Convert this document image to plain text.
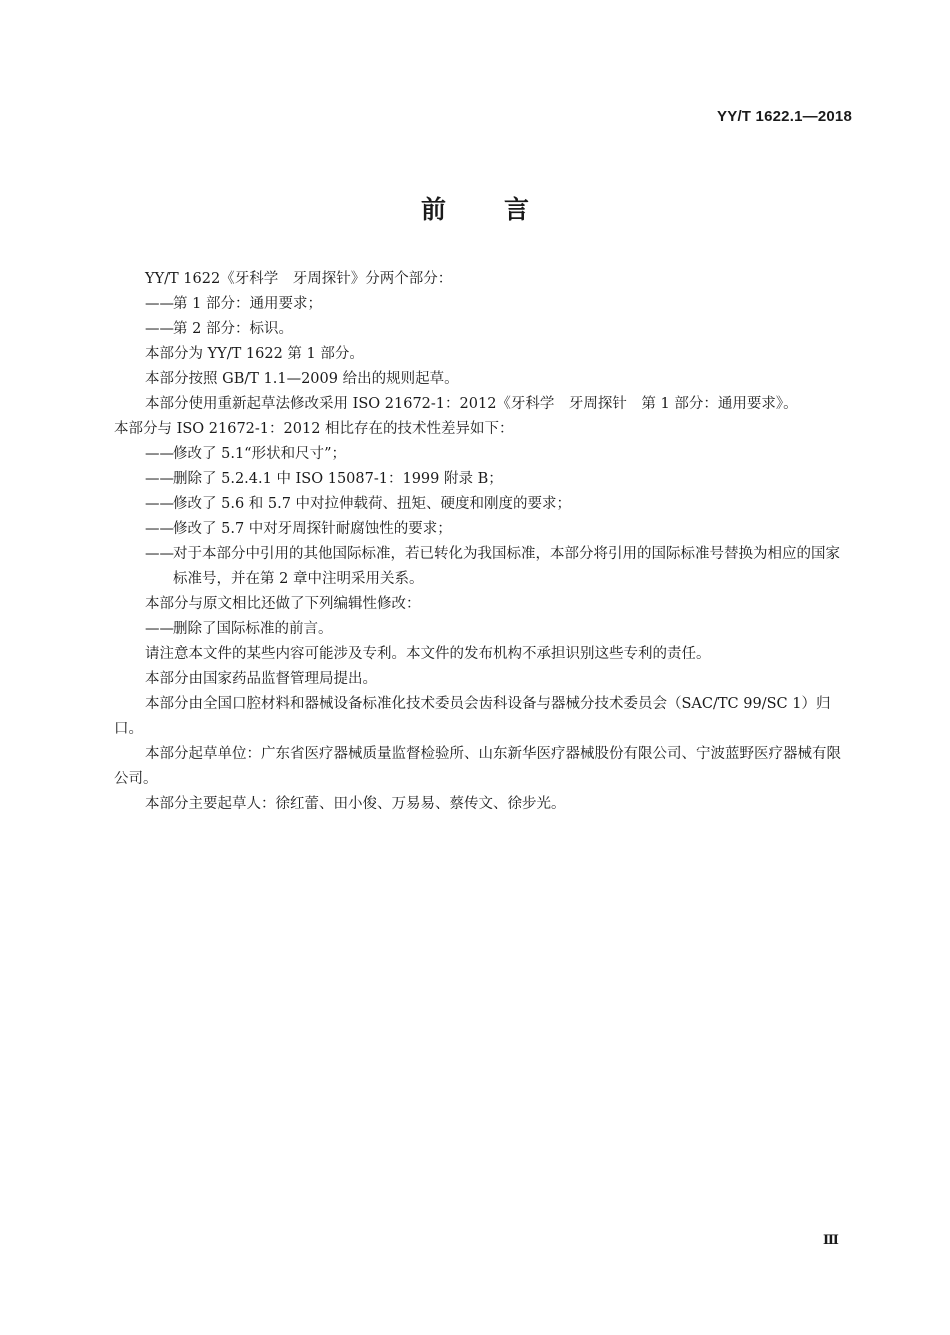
YY/T 1622.1—2018
前 言

YY/T 1622《牙科学　牙周探针》分两个部分：

——第 1 部分：通用要求；

——第 2 部分：标识。

本部分为 YY/T 1622 第 1 部分。

本部分按照 GB/T 1.1—2009 给出的规则起草。

本部分使用重新起草法修改采用 ISO 21672-1：2012《牙科学　牙周探针　第 1 部分：通用要求》。

本部分与 ISO 21672-1：2012 相比存在的技术性差异如下：

——修改了 5.1“形状和尺寸”；

——删除了 5.2.4.1 中 ISO 15087-1：1999 附录 B；

——修改了 5.6 和 5.7 中对拉伸载荷、扭矩、硬度和刚度的要求；

——修改了 5.7 中对牙周探针耐腐蚀性的要求；

——对于本部分中引用的其他国际标准，若已转化为我国标准，本部分将引用的国际标准号替换为相应的国家标准号，并在第 2 章中注明采用关系。

本部分与原文相比还做了下列编辑性修改：

——删除了国际标准的前言。

请注意本文件的某些内容可能涉及专利。本文件的发布机构不承担识别这些专利的责任。

本部分由国家药品监督管理局提出。

本部分由全国口腔材料和器械设备标准化技术委员会齿科设备与器械分技术委员会（SAC/TC 99/SC 1）归口。

本部分起草单位：广东省医疗器械质量监督检验所、山东新华医疗器械股份有限公司、宁波蓝野医疗器械有限公司。

本部分主要起草人：徐红蕾、田小俊、万易易、蔡传文、徐步光。

Ⅲ
